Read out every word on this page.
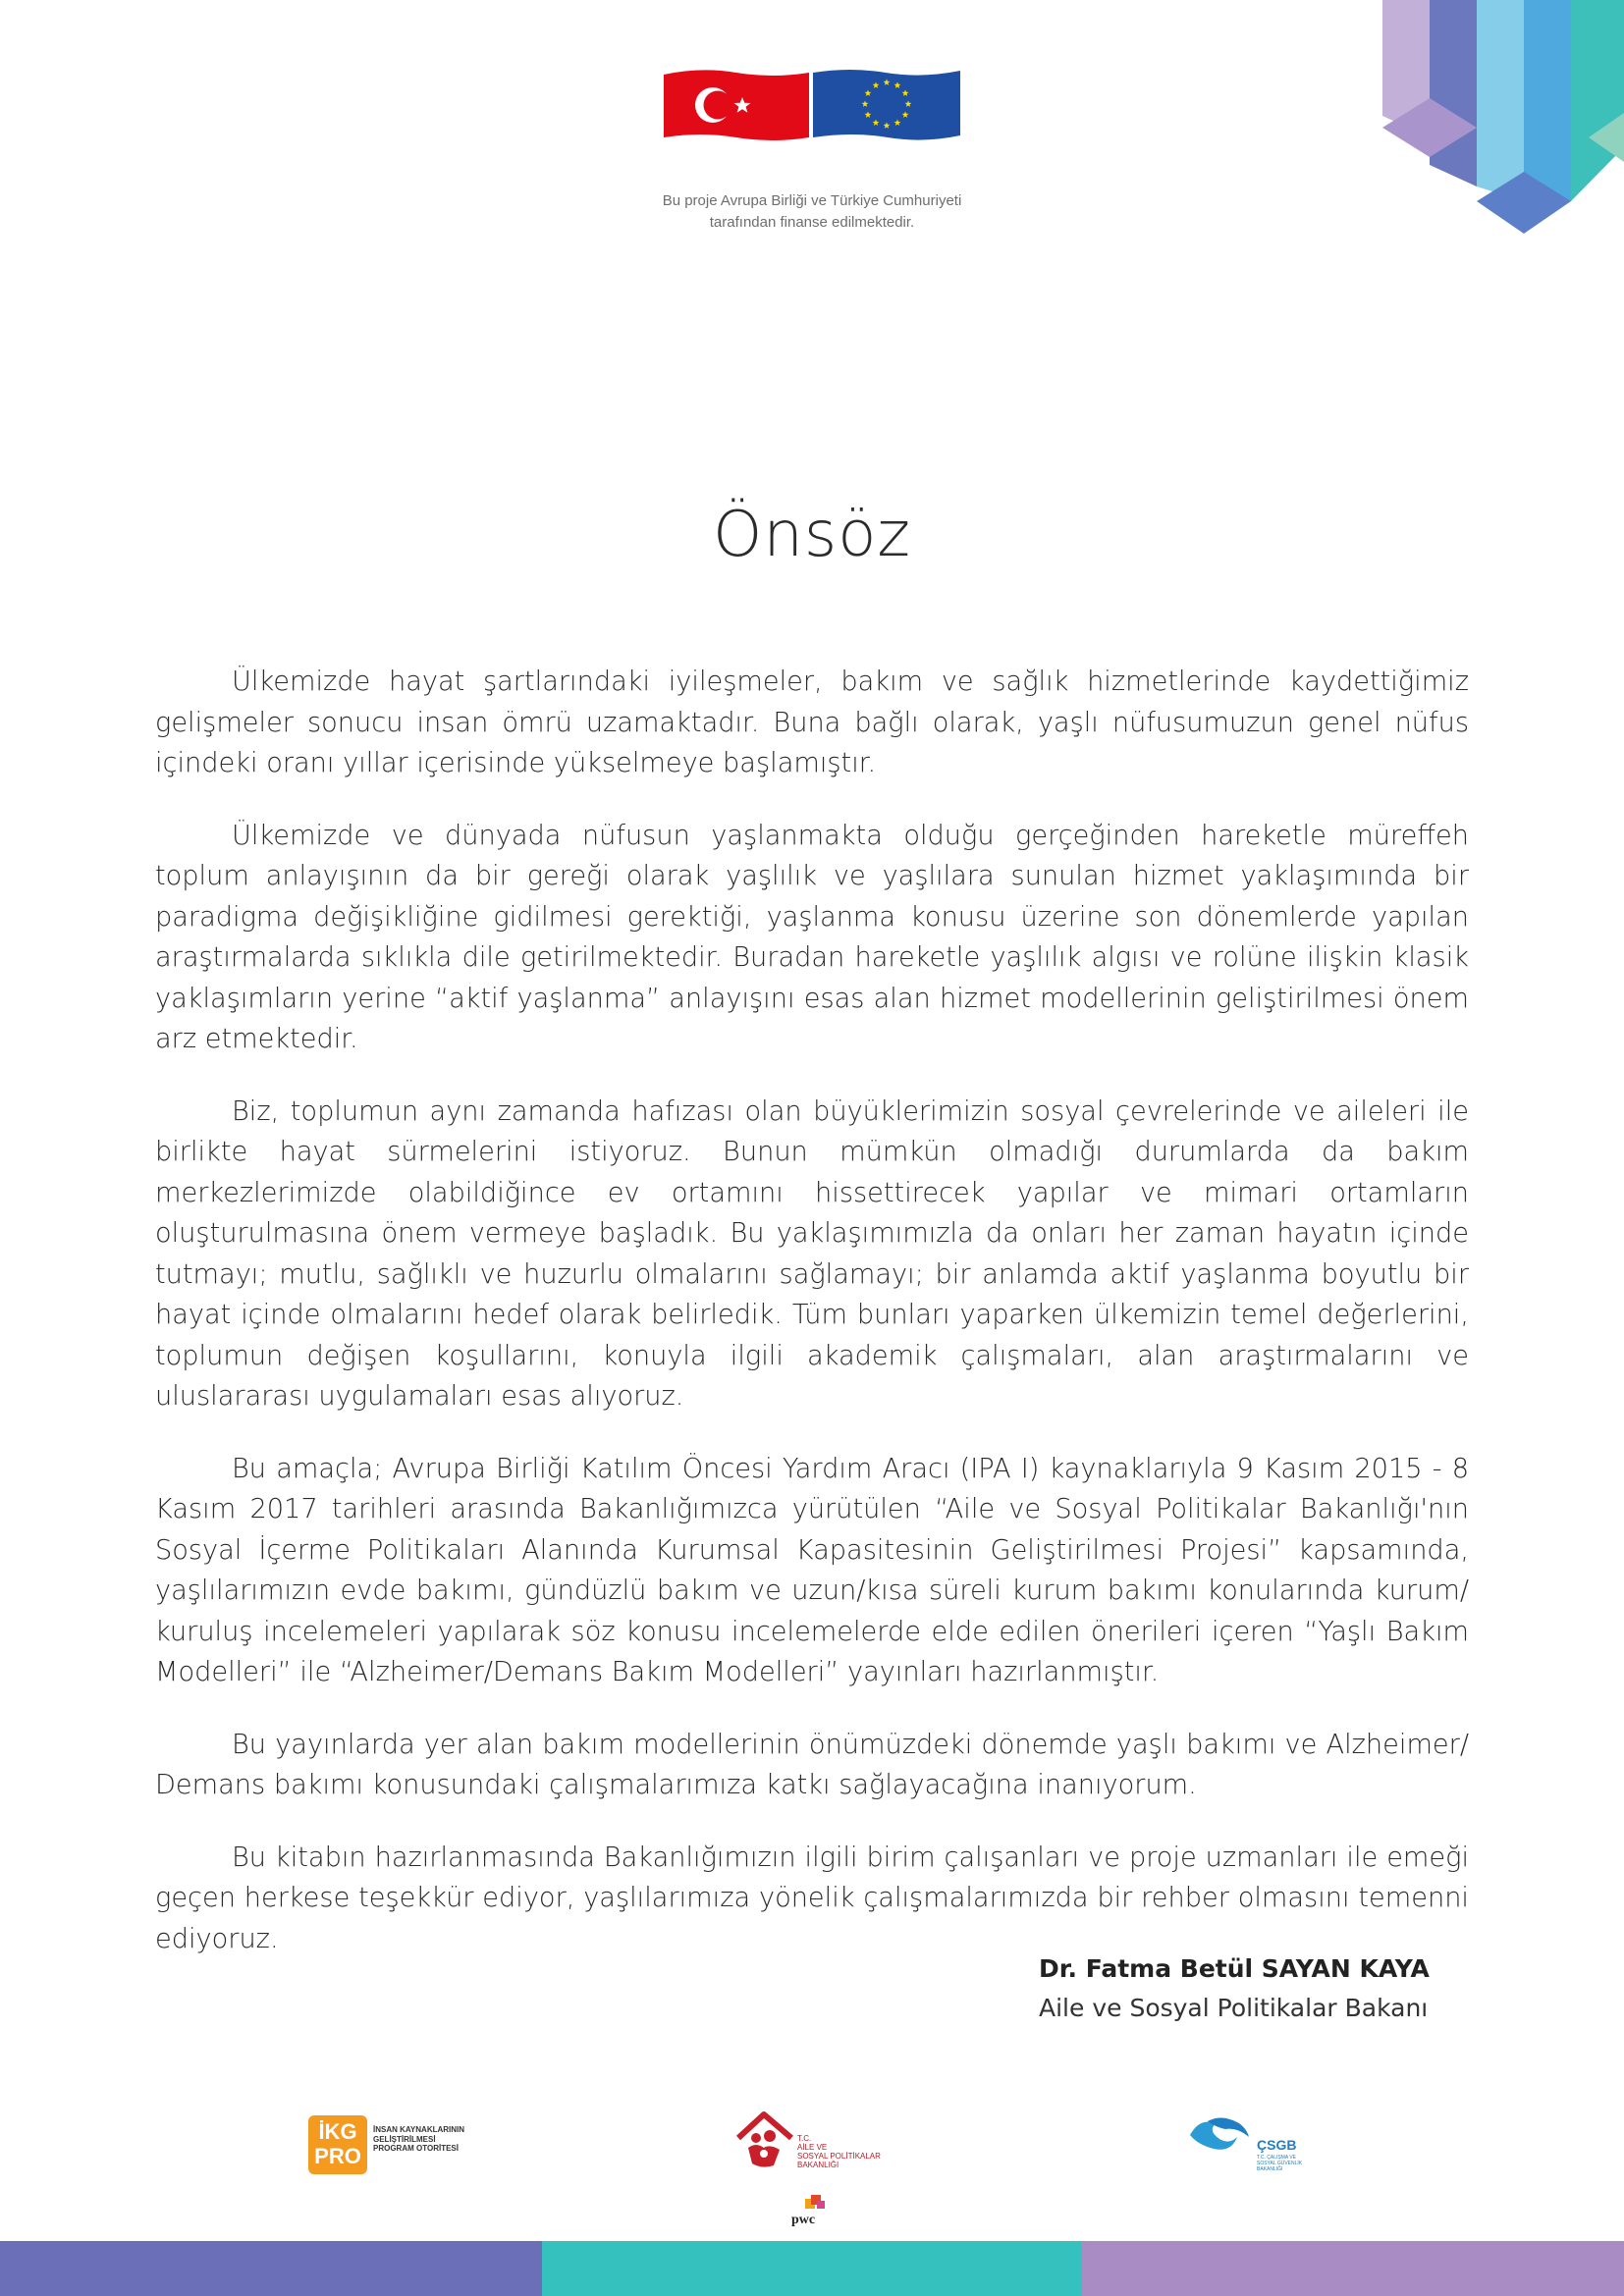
Bu proje Avrupa Birliği ve Türkiye Cumhuriyeti
tarafından finanse edilmektedir.
Önsöz

Ülkemizde hayat şartlarındaki iyileşmeler, bakım ve sağlık hizmetlerinde kaydettiğimiz gelişmeler sonucu insan ömrü uzamaktadır. Buna bağlı olarak, yaşlı nüfusumuzun genel nüfus içindeki oranı yıllar içerisinde yükselmeye başlamıştır.

Ülkemizde ve dünyada nüfusun yaşlanmakta olduğu gerçeğinden hareketle müreffeh toplum anlayışının da bir gereği olarak yaşlılık ve yaşlılara sunulan hizmet yaklaşımında bir paradigma değişikliğine gidilmesi gerektiği, yaşlanma konusu üzerine son dönemlerde yapılan araştırmalarda sıklıkla dile getirilmektedir. Buradan hareketle yaşlılık algısı ve rolüne ilişkin klasik yaklaşımların yerine “aktif yaşlanma” anlayışını esas alan hizmet modellerinin geliştirilmesi önem arz etmektedir.

Biz, toplumun aynı zamanda hafızası olan büyüklerimizin sosyal çevrelerinde ve aileleri ile birlikte hayat sürmelerini istiyoruz. Bunun mümkün olmadığı durumlarda da bakım merkezlerimizde olabildiğince ev ortamını hissettirecek yapılar ve mimari ortamların oluşturulmasına önem vermeye başladık. Bu yaklaşımımızla da onları her zaman hayatın içinde tutmayı; mutlu, sağlıklı ve huzurlu olmalarını sağlamayı; bir anlamda aktif yaşlanma boyutlu bir hayat içinde olmalarını hedef olarak belirledik. Tüm bunları yaparken ülkemizin temel değerlerini, toplumun değişen koşullarını, konuyla ilgili akademik çalışmaları, alan araştırmalarını ve uluslararası uygulamaları esas alıyoruz.

Bu amaçla; Avrupa Birliği Katılım Öncesi Yardım Aracı (IPA I) kaynaklarıyla 9 Kasım 2015 - 8 Kasım 2017 tarihleri arasında Bakanlığımızca yürütülen “Aile ve Sosyal Politikalar Bakanlığı'nın Sosyal İçerme Politikaları Alanında Kurumsal Kapasitesinin Geliştirilmesi Projesi” kapsamında, yaşlılarımızın evde bakımı, gündüzlü bakım ve uzun/kısa süreli kurum bakımı konularında kurum/ kuruluş incelemeleri yapılarak söz konusu incelemelerde elde edilen önerileri içeren “Yaşlı Bakım Modelleri” ile “Alzheimer/Demans Bakım Modelleri” yayınları hazırlanmıştır.

Bu yayınlarda yer alan bakım modellerinin önümüzdeki dönemde yaşlı bakımı ve Alzheimer/ Demans bakımı konusundaki çalışmalarımıza katkı sağlayacağına inanıyorum.

Bu kitabın hazırlanmasında Bakanlığımızın ilgili birim çalışanları ve proje uzmanları ile emeği geçen herkese teşekkür ediyor, yaşlılarımıza yönelik çalışmalarımızda bir rehber olmasını temenni ediyoruz.

Dr. Fatma Betül SAYAN KAYA
Aile ve Sosyal Politikalar Bakanı
İKG
PRO
İNSAN KAYNAKLARININ
GELİŞTİRİLMESİ
PROGRAM OTORİTESİ
T.C.
AİLE VE
SOSYAL POLİTİKALAR
BAKANLIĞI
pwc
ÇSGB
T.C. ÇALIŞMA VE
SOSYAL GÜVENLİK
BAKANLIĞI
